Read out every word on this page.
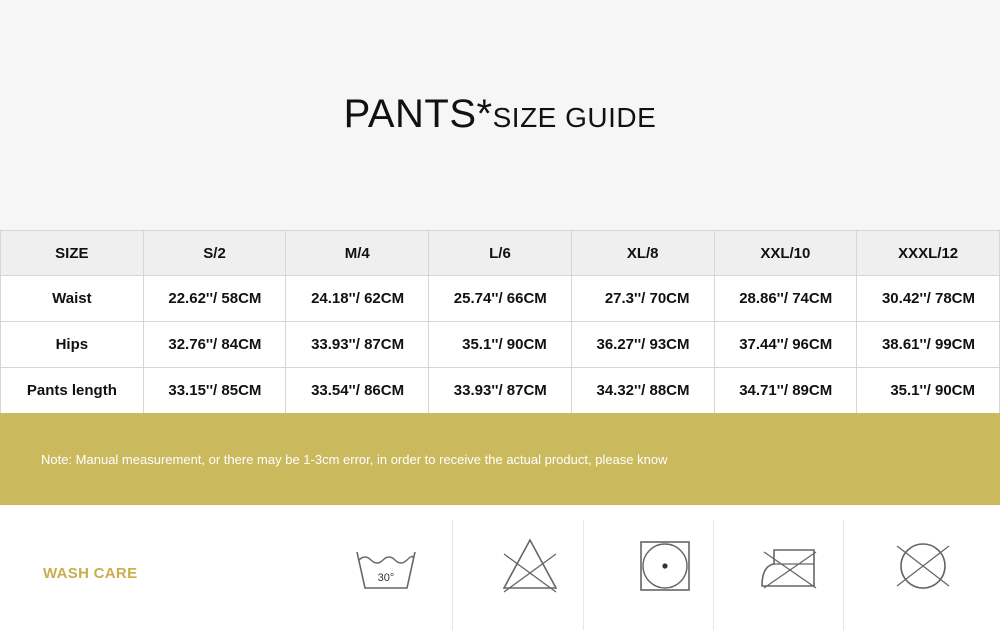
PANTS*SIZE GUIDE
SIZE	S/2	M/4	L/6	XL/8	XXL/10	XXXL/12
Waist	22.62''/ 58CM	24.18''/ 62CM	25.74''/ 66CM	27.3''/ 70CM	28.86''/ 74CM	30.42''/ 78CM
Hips	32.76''/ 84CM	33.93''/ 87CM	35.1''/ 90CM	36.27''/ 93CM	37.44''/ 96CM	38.61''/ 99CM
Pants length	33.15''/ 85CM	33.54''/ 86CM	33.93''/ 87CM	34.32''/ 88CM	34.71''/ 89CM	35.1''/ 90CM
Note: Manual measurement, or there may be 1-3cm error, in order to receive the actual product, please know
WASH CARE	30°
